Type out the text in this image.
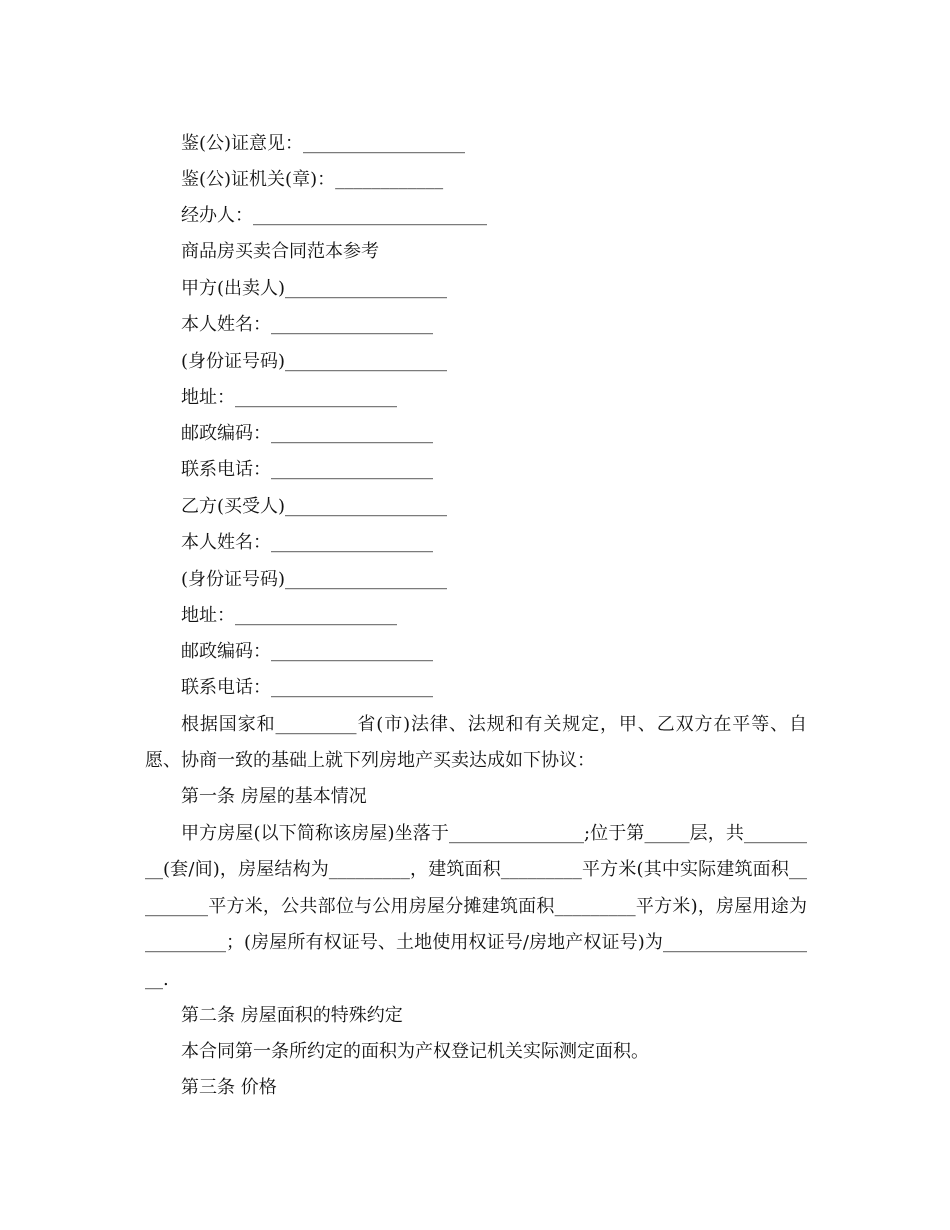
鉴(公)证意见：__________________
鉴(公)证机关(章)：____________
经办人：__________________________
商品房买卖合同范本参考
甲方(出卖人)__________________
本人姓名：__________________
(身份证号码)__________________
地址：__________________
邮政编码：__________________
联系电话：__________________
乙方(买受人)__________________
本人姓名：__________________
(身份证号码)__________________
地址：__________________
邮政编码：__________________
联系电话：__________________
根据国家和_________省(市)法律、法规和有关规定，甲、乙双方在平等、自愿、协商一致的基础上就下列房地产买卖达成如下协议：
第一条 房屋的基本情况
甲方房屋(以下简称该房屋)坐落于_______________;位于第_____层，共_________(套/间)，房屋结构为_________，建筑面积_________平方米(其中实际建筑面积_________平方米，公共部位与公用房屋分摊建筑面积_________平方米)，房屋用途为_________；(房屋所有权证号、土地使用权证号/房地产权证号)为__________________.
第二条 房屋面积的特殊约定
本合同第一条所约定的面积为产权登记机关实际测定面积。
第三条 价格
